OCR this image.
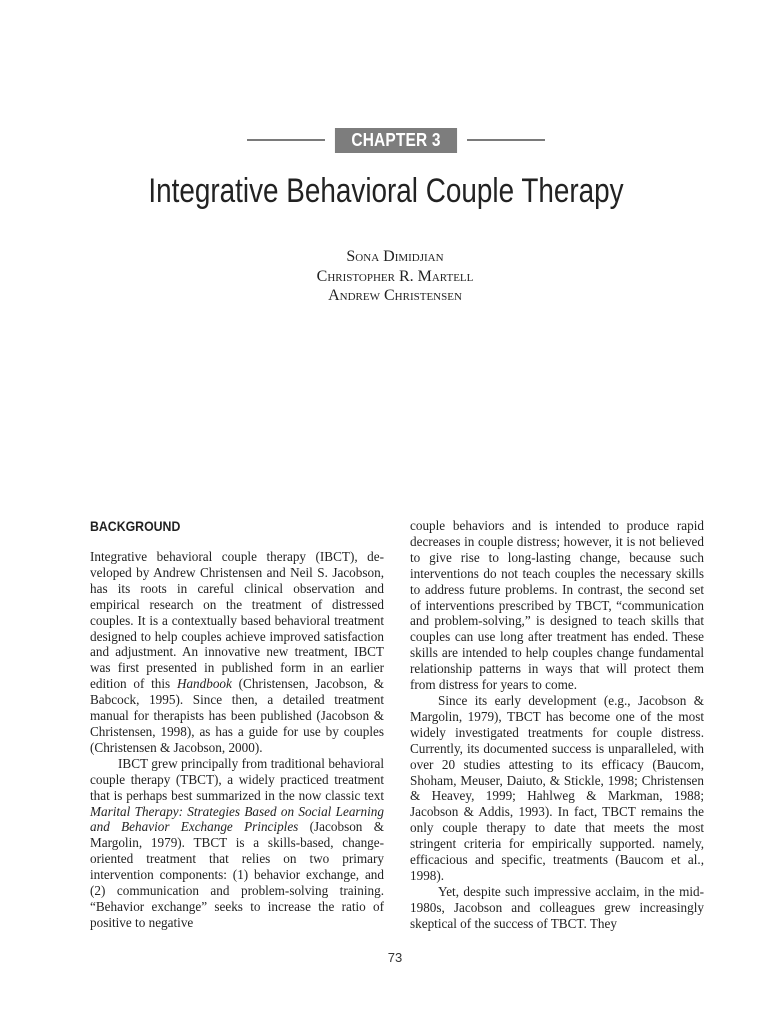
CHAPTER 3
Integrative Behavioral Couple Therapy
Sona Dimidjian
Christopher R. Martell
Andrew Christensen
BACKGROUND

Integrative behavioral couple therapy (IBCT), developed by Andrew Christensen and Neil S. Jacobson, has its roots in careful clinical observation and empirical research on the treatment of distressed couples. It is a contextually based behavioral treatment designed to help couples achieve improved satisfaction and adjustment. An innovative new treatment, IBCT was first presented in published form in an earlier edition of this Handbook (Christensen, Jacobson, & Babcock, 1995). Since then, a detailed treatment manual for therapists has been published (Jacobson & Christensen, 1998), as has a guide for use by couples (Christensen & Jacobson, 2000).

IBCT grew principally from traditional behavioral couple therapy (TBCT), a widely practiced treatment that is perhaps best summarized in the now classic text Marital Therapy: Strategies Based on Social Learning and Behavior Exchange Principles (Jacobson & Margolin, 1979). TBCT is a skills-based, change-oriented treatment that relies on two primary intervention components: (1) behavior exchange, and (2) communication and problem-solving training. “Behavior exchange” seeks to increase the ratio of positive to negative

couple behaviors and is intended to produce rapid decreases in couple distress; however, it is not believed to give rise to long-lasting change, because such interventions do not teach couples the necessary skills to address future problems. In contrast, the second set of interventions prescribed by TBCT, “communication and problem-solving,” is designed to teach skills that couples can use long after treatment has ended. These skills are intended to help couples change fundamental relationship patterns in ways that will protect them from distress for years to come.

Since its early development (e.g., Jacobson & Margolin, 1979), TBCT has become one of the most widely investigated treatments for couple distress. Currently, its documented success is unparalleled, with over 20 studies attesting to its efficacy (Baucom, Shoham, Meuser, Daiuto, & Stickle, 1998; Christensen & Heavey, 1999; Hahlweg & Markman, 1988; Jacobson & Addis, 1993). In fact, TBCT remains the only couple therapy to date that meets the most stringent criteria for empirically supported. namely, efficacious and specific, treatments (Baucom et al., 1998).

Yet, despite such impressive acclaim, in the mid-1980s, Jacobson and colleagues grew increasingly skeptical of the success of TBCT. They

73
